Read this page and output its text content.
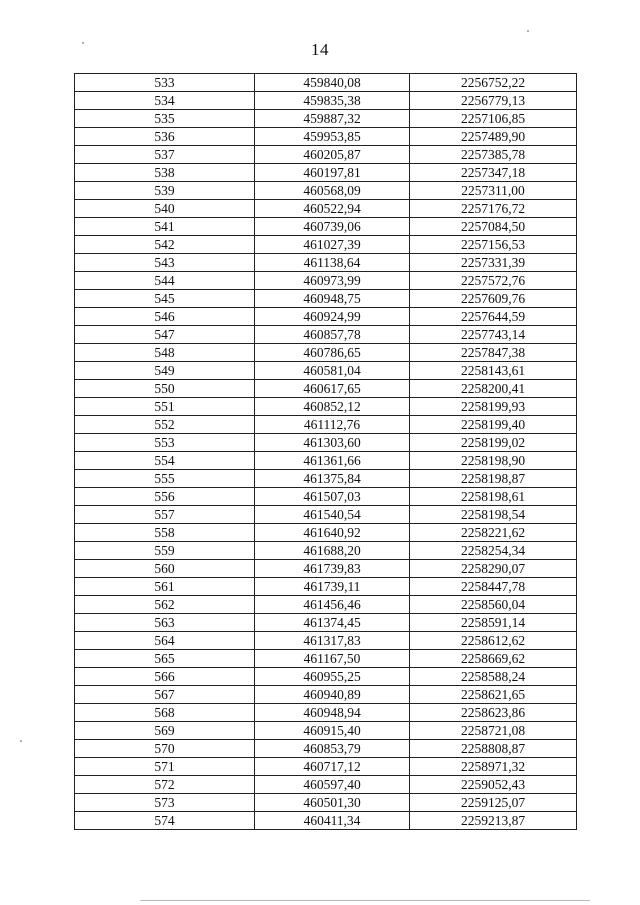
14
533	459840,08	2256752,22
534	459835,38	2256779,13
535	459887,32	2257106,85
536	459953,85	2257489,90
537	460205,87	2257385,78
538	460197,81	2257347,18
539	460568,09	2257311,00
540	460522,94	2257176,72
541	460739,06	2257084,50
542	461027,39	2257156,53
543	461138,64	2257331,39
544	460973,99	2257572,76
545	460948,75	2257609,76
546	460924,99	2257644,59
547	460857,78	2257743,14
548	460786,65	2257847,38
549	460581,04	2258143,61
550	460617,65	2258200,41
551	460852,12	2258199,93
552	461112,76	2258199,40
553	461303,60	2258199,02
554	461361,66	2258198,90
555	461375,84	2258198,87
556	461507,03	2258198,61
557	461540,54	2258198,54
558	461640,92	2258221,62
559	461688,20	2258254,34
560	461739,83	2258290,07
561	461739,11	2258447,78
562	461456,46	2258560,04
563	461374,45	2258591,14
564	461317,83	2258612,62
565	461167,50	2258669,62
566	460955,25	2258588,24
567	460940,89	2258621,65
568	460948,94	2258623,86
569	460915,40	2258721,08
570	460853,79	2258808,87
571	460717,12	2258971,32
572	460597,40	2259052,43
573	460501,30	2259125,07
574	460411,34	2259213,87
